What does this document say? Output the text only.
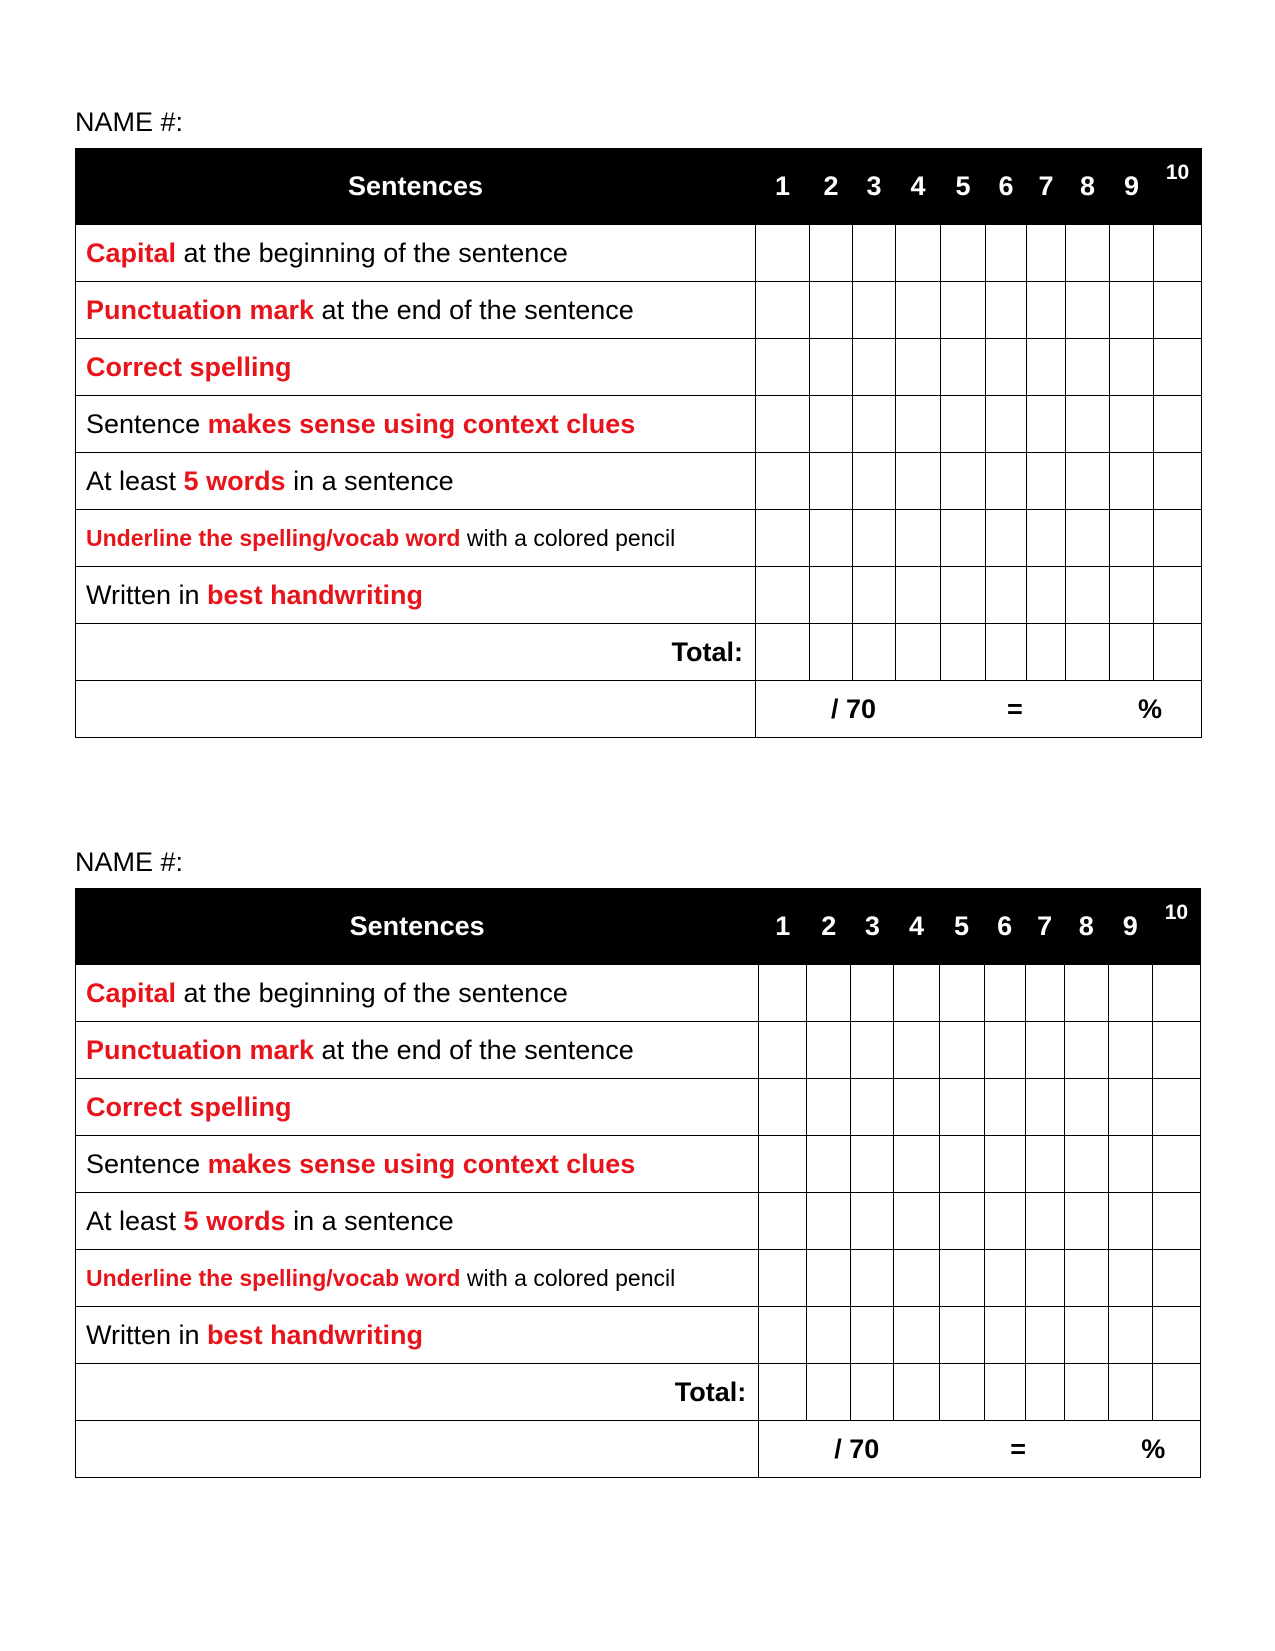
NAME #:
Sentences	1	2	3	4	5	6	7	8	9	10
Capital at the beginning of the sentence										
Punctuation mark at the end of the sentence										
Correct spelling										
Sentence makes sense using context clues										
At least 5 words in a sentence										
Underline the spelling/vocab word with a colored pencil										
Written in best handwriting										
Total:										

	/ 70 = %									
NAME #:
Sentences	1	2	3	4	5	6	7	8	9	10
Capital at the beginning of the sentence										
Punctuation mark at the end of the sentence										
Correct spelling										
Sentence makes sense using context clues										
At least 5 words in a sentence										
Underline the spelling/vocab word with a colored pencil										
Written in best handwriting										
Total:										

	/ 70 = %									
